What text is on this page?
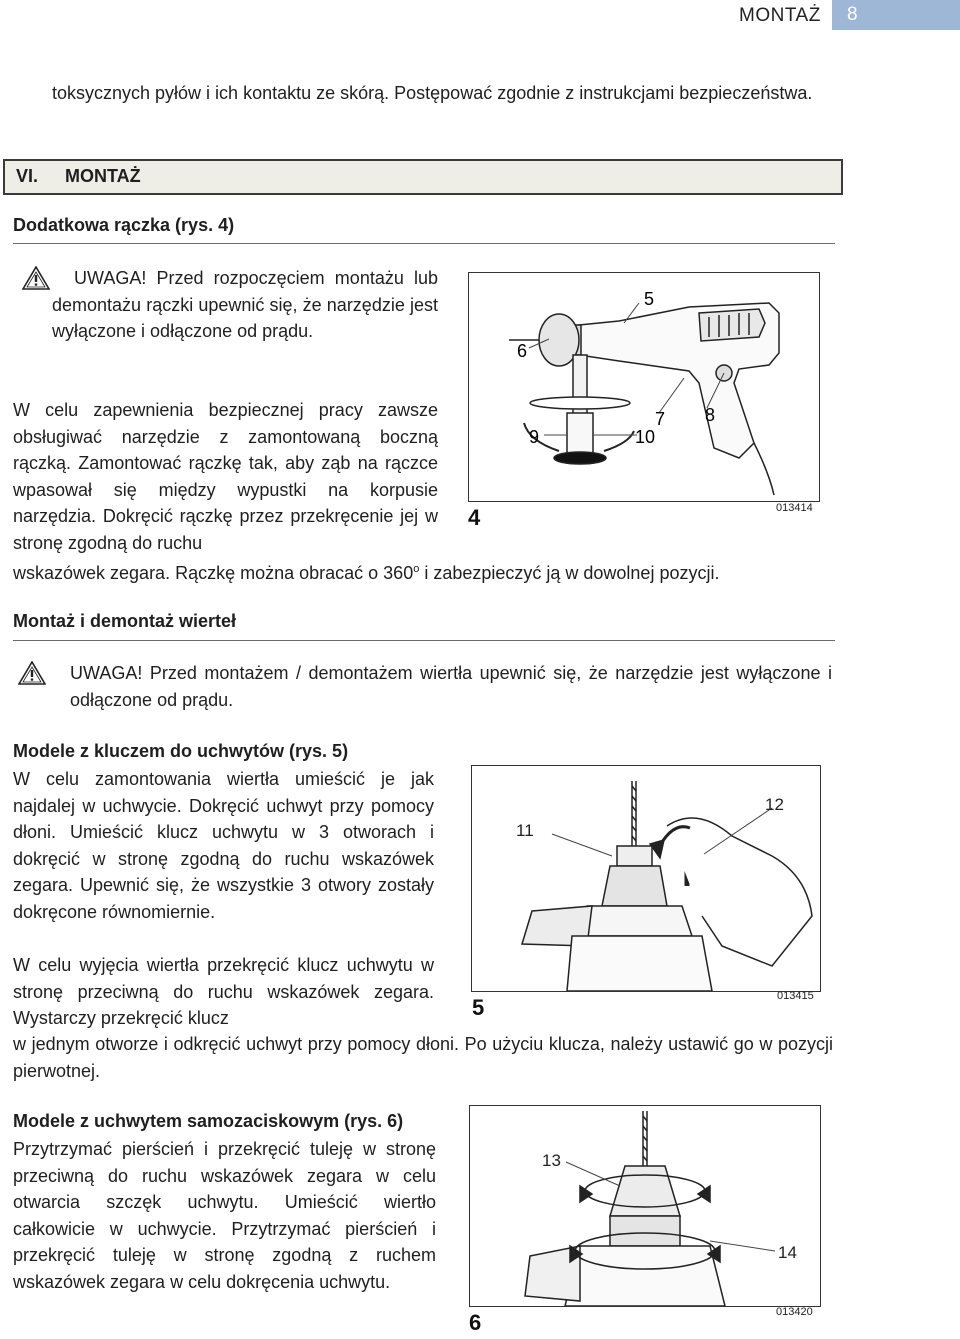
MONTAŻ 8

toksycznych pyłów i ich kontaktu ze skórą. Postępować zgodnie z instrukcjami bezpieczeństwa.

VI. MONTAŻ
Dodatkowa rączka (rys. 4)

UWAGA! Przed rozpoczęciem montażu lub demontażu rączki upewnić się, że narzędzie jest wyłączone i odłączone od prądu.

W celu zapewnienia bezpiecznej pracy zawsze obsługiwać narzędzie z zamontowaną boczną rączką. Zamontować rączkę tak, aby ząb na rączce wpasował się między wypustki na korpusie narzędzia. Dokręcić rączkę przez przekręcenie jej w stronę zgodną do ruchu

wskazówek zegara. Rączkę można obracać o 360$^o$ i zabezpieczyć ją w dowolnej pozycji.

5
6
7 8
9	10
4	013414
Montaż i demontaż wierteł

UWAGA! Przed montażem / demontażem wiertła upewnić się, że narzędzie jest wyłączone i odłączone od prądu.

Modele z kluczem do uchwytów (rys. 5)

W celu zamontowania wiertła umieścić je jak najdalej w uchwycie. Dokręcić uchwyt przy pomocy dłoni. Umieścić klucz uchwytu w 3 otworach i dokręcić w stronę zgodną do ruchu wskazówek zegara. Upewnić się, że wszystkie 3 otwory zostały dokręcone równomiernie.

W celu wyjęcia wiertła przekręcić klucz uchwytu w stronę przeciwną do ruchu wskazówek zegara. Wystarczy przekręcić klucz

w jednym otworze i odkręcić uchwyt przy pomocy dłoni. Po użyciu klucza, należy ustawić go w pozycji pierwotnej.

11
12
5	013415
Modele z uchwytem samozaciskowym (rys. 6)

Przytrzymać pierścień i przekręcić tuleję w stronę przeciwną do ruchu wskazówek zegara w celu otwarcia szczęk uchwytu. Umieścić wiertło całkowicie w uchwycie. Przytrzymać pierścień i przekręcić tuleję w stronę zgodną z ruchem wskazówek zegara w celu dokręcenia uchwytu.

13
14
6	013420
